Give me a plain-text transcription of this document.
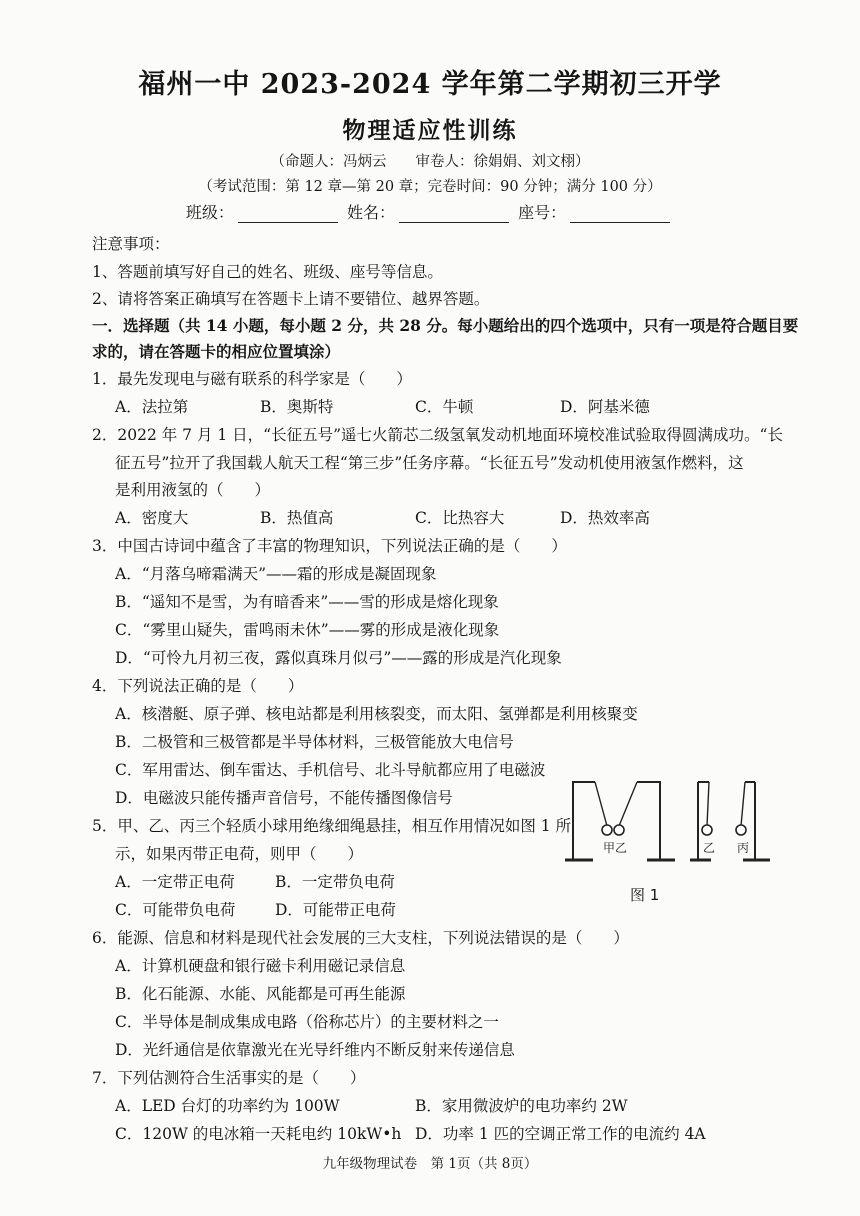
福州一中 2023-2024 学年第二学期初三开学
物理适应性训练
（命题人：冯炳云　　审卷人：徐娟娟、刘文栩）
（考试范围：第 12 章—第 20 章；完卷时间：90 分钟；满分 100 分）
班级：	姓名：	座号：
注意事项：
1、答题前填写好自己的姓名、班级、座号等信息。
2、请将答案正确填写在答题卡上请不要错位、越界答题。
一．选择题（共 14 小题，每小题 2 分，共 28 分。每小题给出的四个选项中，只有一项是符合题目要
求的，请在答题卡的相应位置填涂）
1．最先发现电与磁有联系的科学家是（　　）
A．法拉第	B．奥斯特	C．牛顿	D．阿基米德
2．2022 年 7 月 1 日，“长征五号”遥七火箭芯二级氢氧发动机地面环境校准试验取得圆满成功。“长
征五号”拉开了我国载人航天工程“第三步”任务序幕。“长征五号”发动机使用液氢作燃料，这
是利用液氢的（　　）
A．密度大	B．热值高	C．比热容大	D．热效率高
3．中国古诗词中蕴含了丰富的物理知识，下列说法正确的是（　　）
A．“月落乌啼霜满天”——霜的形成是凝固现象
B．“遥知不是雪，为有暗香来”——雪的形成是熔化现象
C．“雾里山疑失，雷鸣雨未休”——雾的形成是液化现象
D．“可怜九月初三夜，露似真珠月似弓”——露的形成是汽化现象
4．下列说法正确的是（　　）
A．核潜艇、原子弹、核电站都是利用核裂变，而太阳、氢弹都是利用核聚变
B．二极管和三极管都是半导体材料，三极管能放大电信号
C．军用雷达、倒车雷达、手机信号、北斗导航都应用了电磁波
D．电磁波只能传播声音信号，不能传播图像信号
5．甲、乙、丙三个轻质小球用绝缘细绳悬挂，相互作用情况如图 1 所
示，如果丙带正电荷，则甲（　　）
A．一定带正电荷	B．一定带负电荷
C．可能带负电荷	D．可能带正电荷
甲 乙	乙 丙
图 1
6．能源、信息和材料是现代社会发展的三大支柱，下列说法错误的是（　　）
A．计算机硬盘和银行磁卡利用磁记录信息
B．化石能源、水能、风能都是可再生能源
C．半导体是制成集成电路（俗称芯片）的主要材料之一
D．光纤通信是依靠激光在光导纤维内不断反射来传递信息
7．下列估测符合生活事实的是（　　）
A．LED 台灯的功率约为 100W	B．家用微波炉的电功率约 2W
C．120W 的电冰箱一天耗电约 10kW•h D．功率 1 匹的空调正常工作的电流约 4A
九年级物理试卷　第 1页（共 8页）
